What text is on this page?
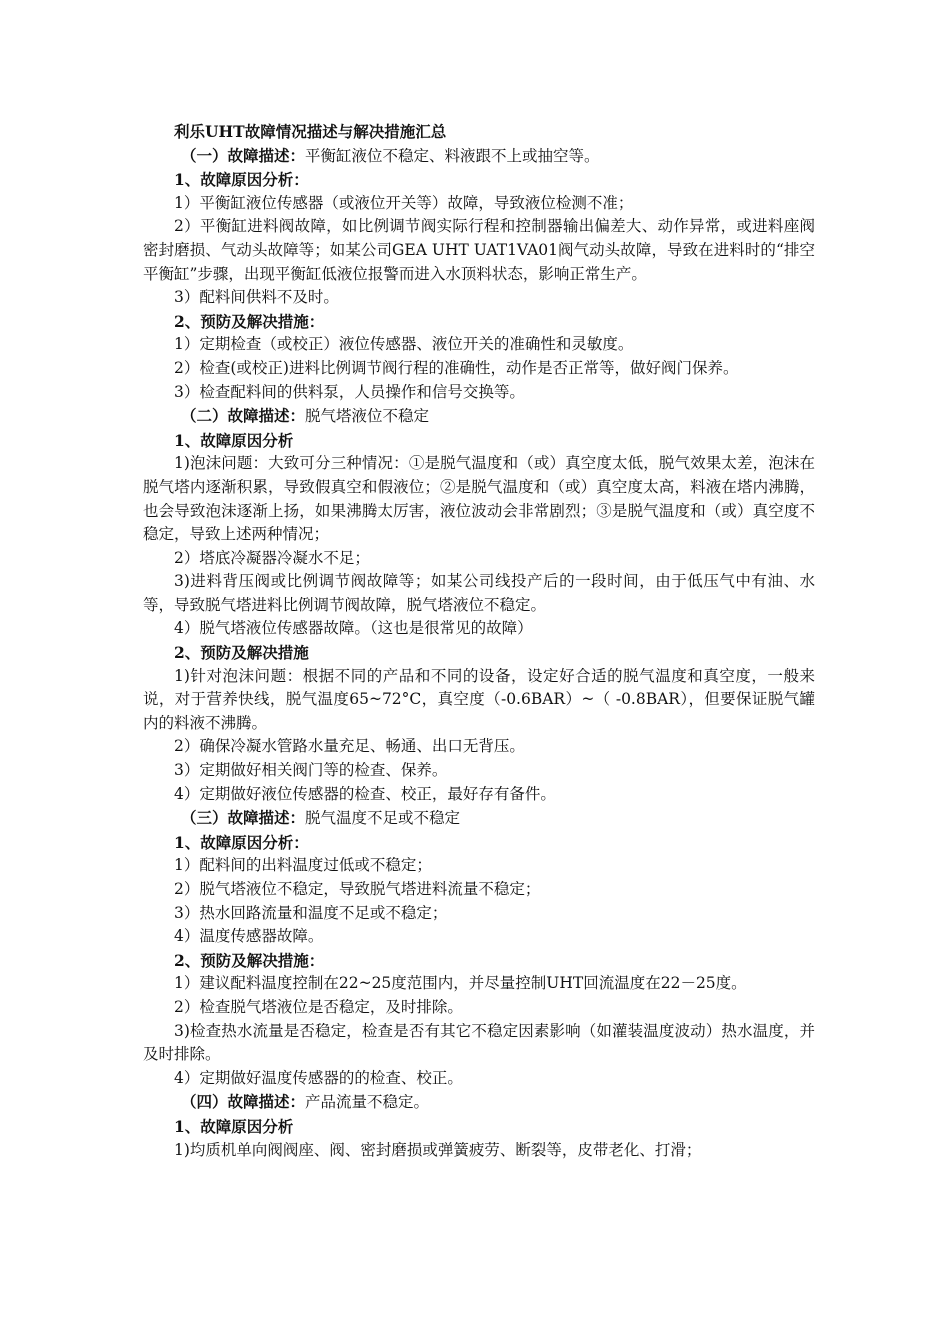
利乐UHT故障情况描述与解决措施汇总

（一）故障描述：平衡缸液位不稳定、料液跟不上或抽空等。

1、故障原因分析：

1）平衡缸液位传感器（或液位开关等）故障，导致液位检测不准；

2）平衡缸进料阀故障，如比例调节阀实际行程和控制器输出偏差大、动作异常，或进料座阀密封磨损、气动头故障等；如某公司GEA UHT UAT1VA01阀气动头故障，导致在进料时的“排空平衡缸”步骤，出现平衡缸低液位报警而进入水顶料状态，影响正常生产。

3）配料间供料不及时。

2、预防及解决措施：

1）定期检查（或校正）液位传感器、液位开关的准确性和灵敏度。

2）检查(或校正)进料比例调节阀行程的准确性，动作是否正常等，做好阀门保养。

3）检查配料间的供料泵，人员操作和信号交换等。

（二）故障描述：脱气塔液位不稳定

1、故障原因分析

1)泡沫问题：大致可分三种情况：①是脱气温度和（或）真空度太低，脱气效果太差，泡沫在脱气塔内逐渐积累，导致假真空和假液位；②是脱气温度和（或）真空度太高，料液在塔内沸腾，也会导致泡沫逐渐上扬，如果沸腾太厉害，液位波动会非常剧烈；③是脱气温度和（或）真空度不稳定，导致上述两种情况；

2）塔底冷凝器冷凝水不足；

3)进料背压阀或比例调节阀故障等；如某公司线投产后的一段时间，由于低压气中有油、水等，导致脱气塔进料比例调节阀故障，脱气塔液位不稳定。

4）脱气塔液位传感器故障。（这也是很常见的故障）

2、预防及解决措施

1)针对泡沫问题：根据不同的产品和不同的设备，设定好合适的脱气温度和真空度，一般来说，对于营养快线，脱气温度65~72°C，真空度（-0.6BAR）~（ -0.8BAR），但要保证脱气罐内的料液不沸腾。

2）确保冷凝水管路水量充足、畅通、出口无背压。

3）定期做好相关阀门等的检查、保养。

4）定期做好液位传感器的检查、校正，最好存有备件。

（三）故障描述：脱气温度不足或不稳定

1、故障原因分析：

1）配料间的出料温度过低或不稳定；

2）脱气塔液位不稳定，导致脱气塔进料流量不稳定；

3）热水回路流量和温度不足或不稳定；

4）温度传感器故障。

2、预防及解决措施：

1）建议配料温度控制在22~25度范围内，并尽量控制UHT回流温度在22－25度。

2）检查脱气塔液位是否稳定，及时排除。

3)检查热水流量是否稳定，检查是否有其它不稳定因素影响（如灌装温度波动）热水温度，并及时排除。

4）定期做好温度传感器的的检查、校正。

（四）故障描述：产品流量不稳定。

1、故障原因分析

1)均质机单向阀阀座、阀、密封磨损或弹簧疲劳、断裂等，皮带老化、打滑；
